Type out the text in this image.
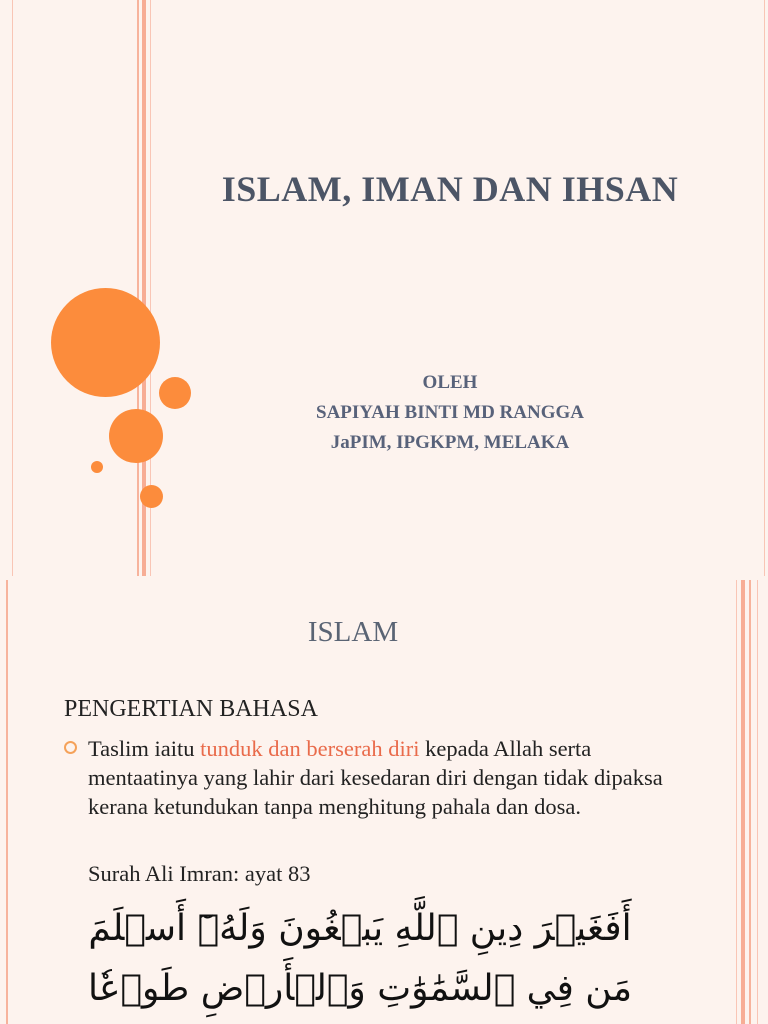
ISLAM, IMAN DAN IHSAN
OLEH
SAPIYAH BINTI MD RANGGA
JaPIM, IPGKPM, MELAKA
ISLAM
PENGERTIAN BAHASA
Taslim iaitu tunduk dan berserah diri kepada Allah serta mentaatinya yang lahir dari kesedaran diri dengan tidak dipaksa kerana ketundukan tanpa menghitung pahala dan dosa.
Surah Ali Imran: ayat 83

أَفَغَيۡرَ دِينِ ٱللَّهِ يَبۡغُونَ وَلَهُۥٓ أَسۡلَمَ

مَن فِي ٱلسَّمَٰوَٰتِ وَٱلۡأَرۡضِ طَوۡعٗا
